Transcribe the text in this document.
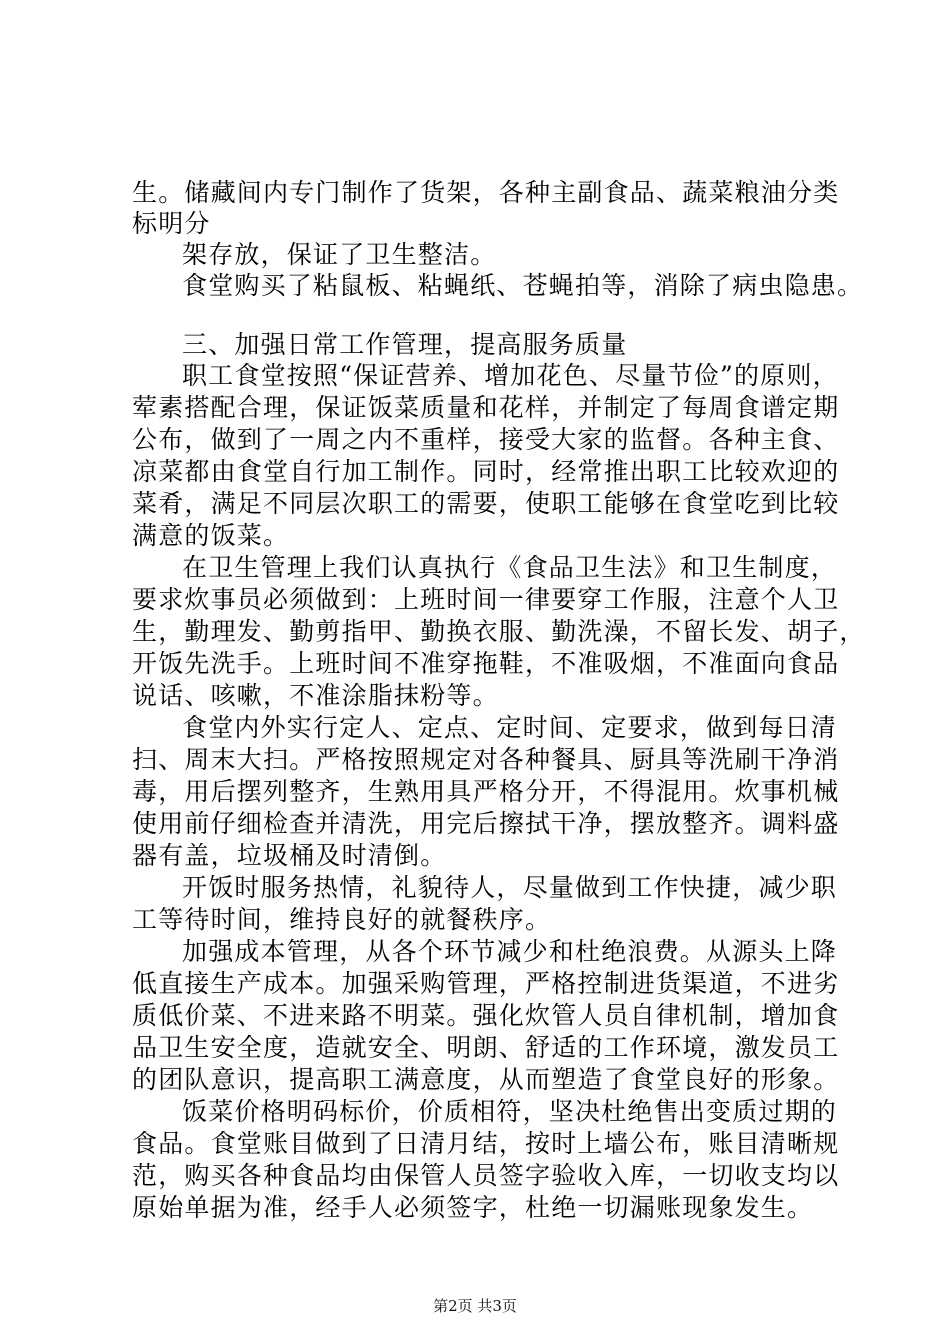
生。储藏间内专门制作了货架，各种主副食品、蔬菜粮油分类
标明分
架存放，保证了卫生整洁。
食堂购买了粘鼠板、粘蝇纸、苍蝇拍等，消除了病虫隐患。
三、加强日常工作管理，提高服务质量
职工食堂按照“保证营养、增加花色、尽量节俭”的原则，
荤素搭配合理，保证饭菜质量和花样，并制定了每周食谱定期
公布，做到了一周之内不重样，接受大家的监督。各种主食、
凉菜都由食堂自行加工制作。同时，经常推出职工比较欢迎的
菜肴，满足不同层次职工的需要，使职工能够在食堂吃到比较
满意的饭菜。
在卫生管理上我们认真执行《食品卫生法》和卫生制度，
要求炊事员必须做到：上班时间一律要穿工作服，注意个人卫
生，勤理发、勤剪指甲、勤换衣服、勤洗澡，不留长发、胡子，
开饭先洗手。上班时间不准穿拖鞋，不准吸烟，不准面向食品
说话、咳嗽，不准涂脂抹粉等。
食堂内外实行定人、定点、定时间、定要求，做到每日清
扫、周末大扫。严格按照规定对各种餐具、厨具等洗刷干净消
毒，用后摆列整齐，生熟用具严格分开，不得混用。炊事机械
使用前仔细检查并清洗，用完后擦拭干净，摆放整齐。调料盛
器有盖，垃圾桶及时清倒。
开饭时服务热情，礼貌待人，尽量做到工作快捷，减少职
工等待时间，维持良好的就餐秩序。
加强成本管理，从各个环节减少和杜绝浪费。从源头上降
低直接生产成本。加强采购管理，严格控制进货渠道，不进劣
质低价菜、不进来路不明菜。强化炊管人员自律机制，增加食
品卫生安全度，造就安全、明朗、舒适的工作环境，激发员工
的团队意识，提高职工满意度，从而塑造了食堂良好的形象。
饭菜价格明码标价，价质相符，坚决杜绝售出变质过期的
食品。食堂账目做到了日清月结，按时上墙公布，账目清晰规
范，购买各种食品均由保管人员签字验收入库，一切收支均以
原始单据为准，经手人必须签字，杜绝一切漏账现象发生。
第2页 共3页
